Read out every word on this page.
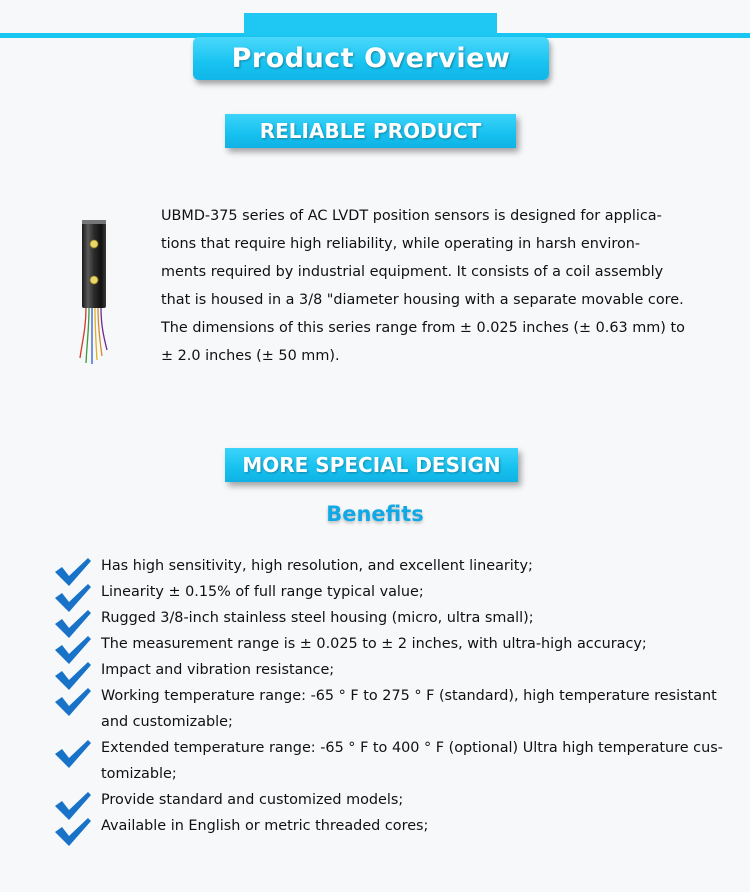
Product Overview
RELIABLE PRODUCT

UBMD-375 series of AC LVDT position sensors is designed for applica-
tions that require high reliability, while operating in harsh environ-
ments required by industrial equipment. It consists of a coil assembly
that is housed in a 3/8 "diameter housing with a separate movable core.
The dimensions of this series range from ± 0.025 inches (± 0.63 mm) to
± 2.0 inches (± 50 mm).

MORE SPECIAL DESIGN
Benefits
Has high sensitivity, high resolution, and excellent linearity;
Linearity ± 0.15% of full range typical value;
Rugged 3/8-inch stainless steel housing (micro, ultra small);
The measurement range is ± 0.025 to ± 2 inches, with ultra-high accuracy;
Impact and vibration resistance;
Working temperature range: -65 ° F to 275 ° F (standard), high temperature resistant
and customizable;
Extended temperature range: -65 ° F to 400 ° F (optional) Ultra high temperature cus-
tomizable;
Provide standard and customized models;
Available in English or metric threaded cores;
